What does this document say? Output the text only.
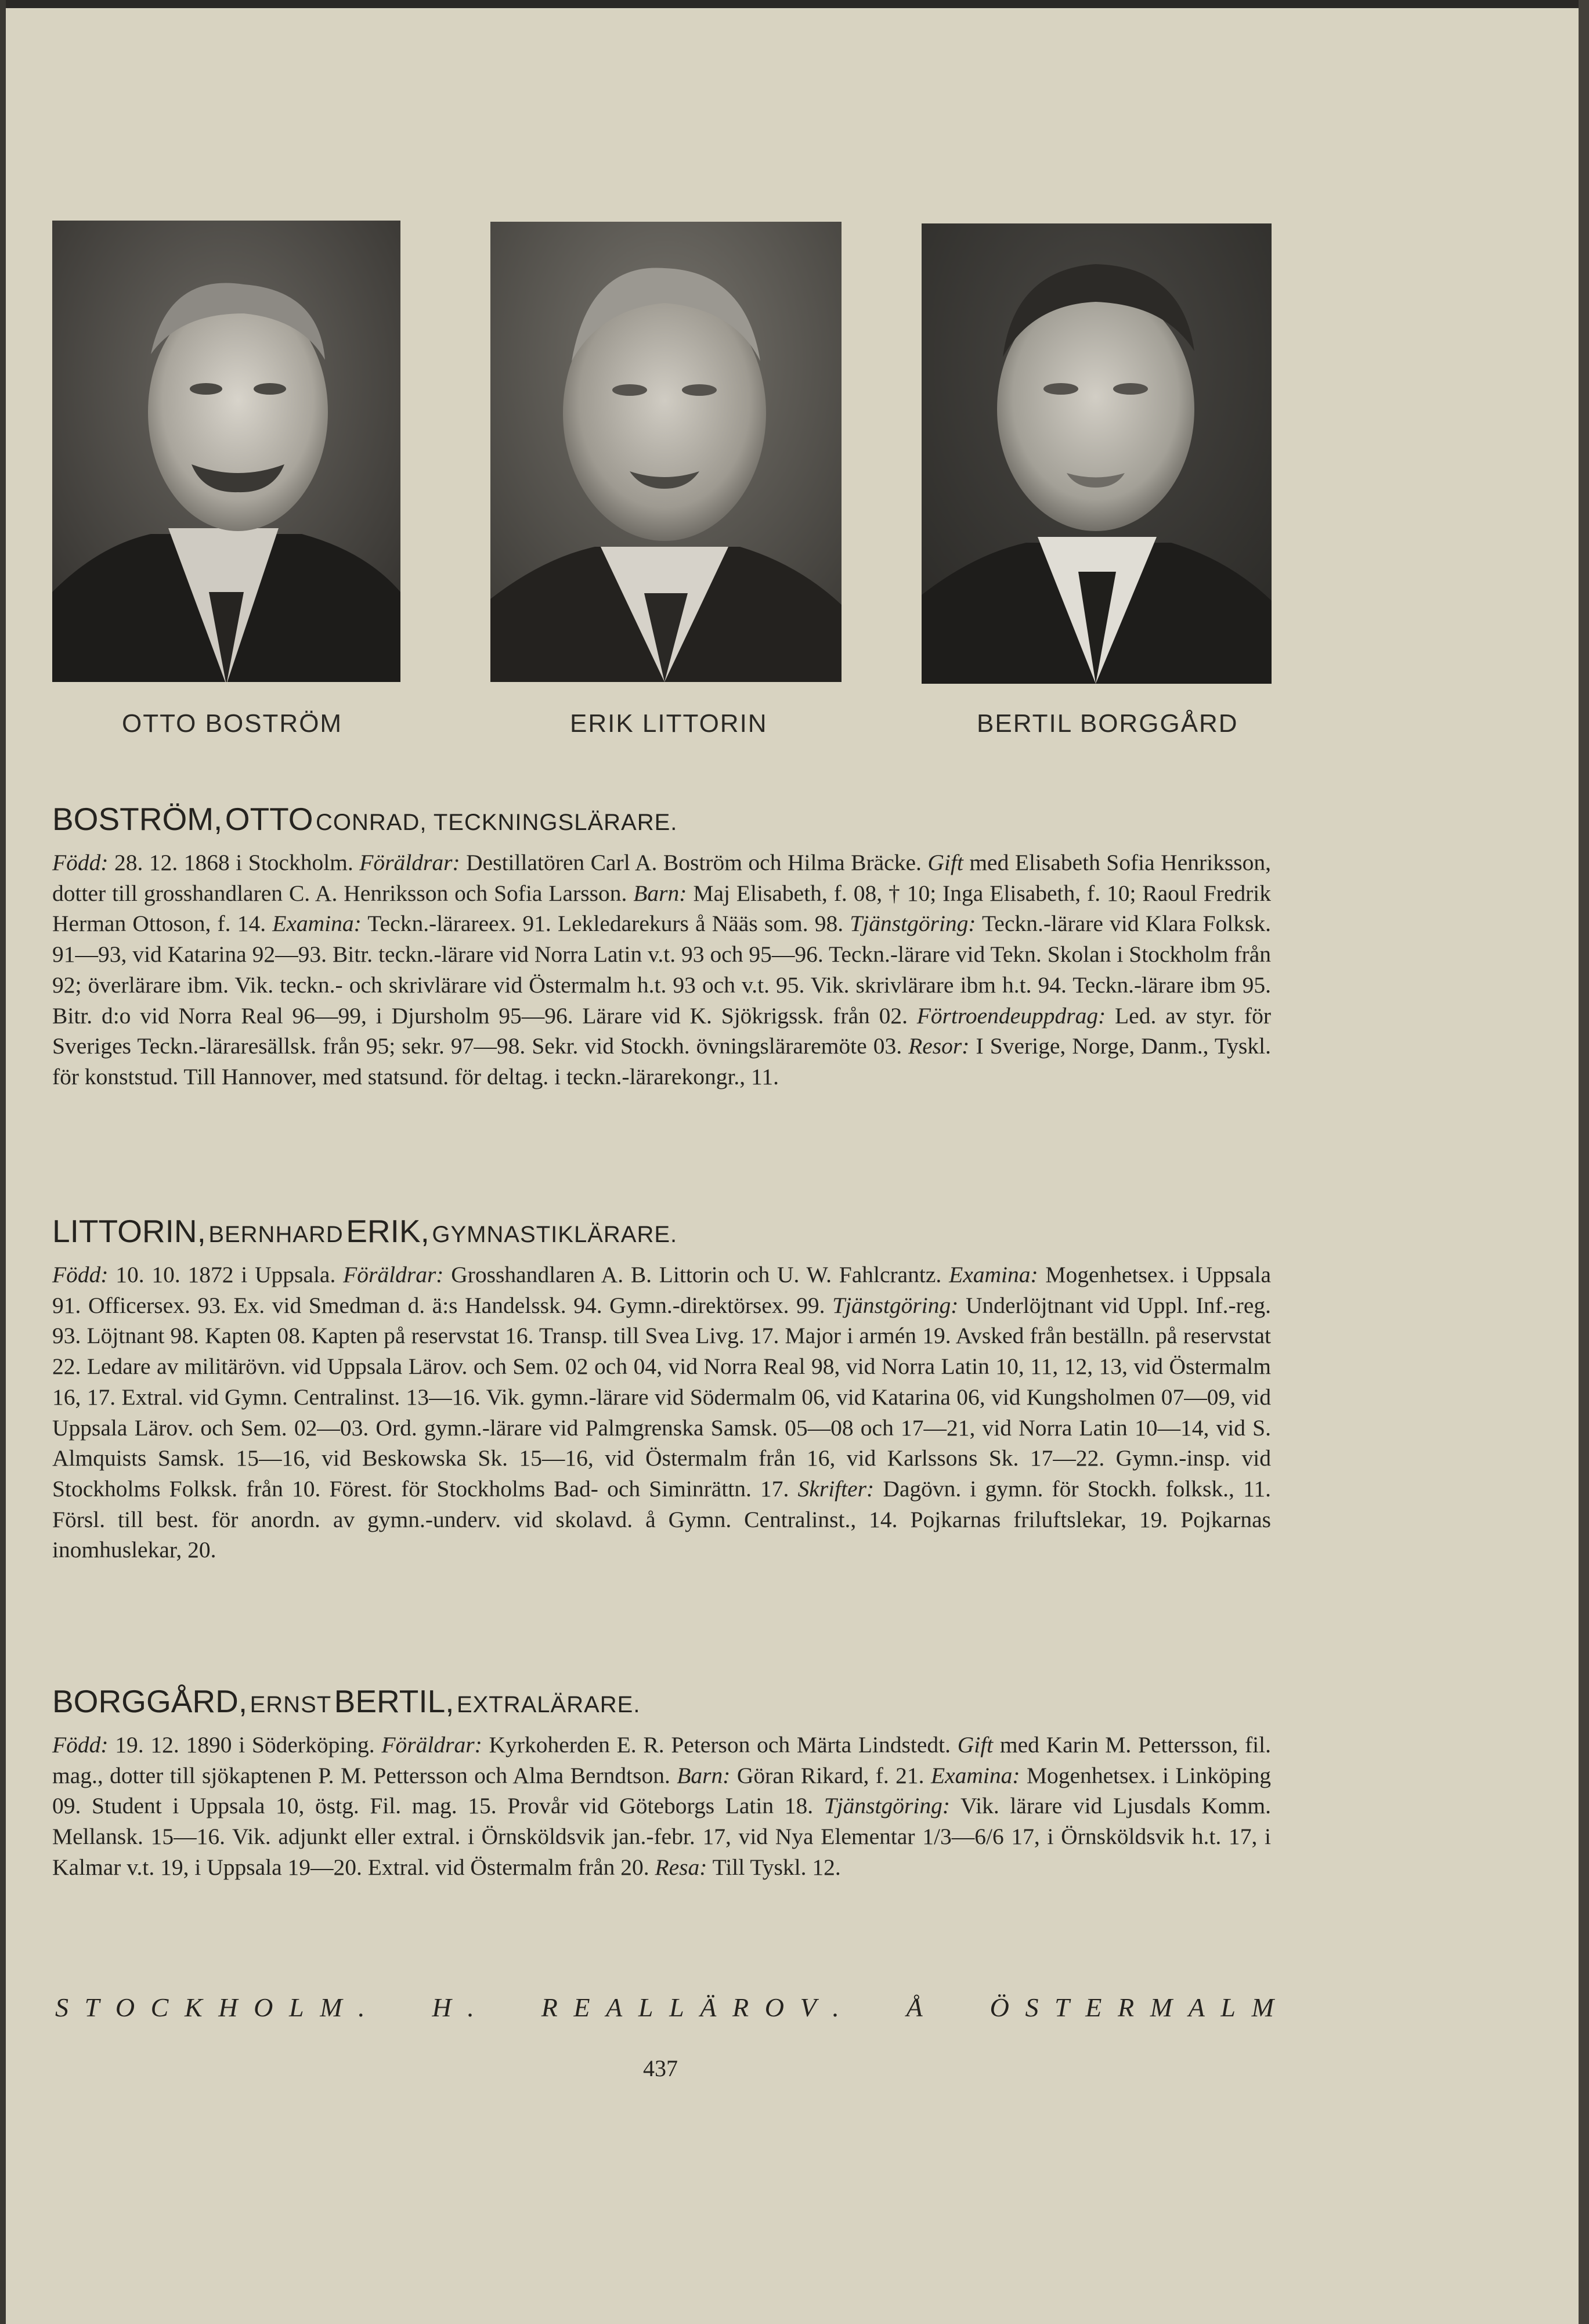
OTTO BOSTRÖM	ERIK LITTORIN	BERTIL BORGGÅRD
BOSTRÖM, OTTO CONRAD, TECKNINGSLÄRARE.
Född: 28. 12. 1868 i Stockholm. Föräldrar: Destillatören Carl A. Boström och Hilma Bräcke. Gift med Elisabeth Sofia Henriksson, dotter till grosshandlaren C. A. Henriksson och Sofia Larsson. Barn: Maj Elisabeth, f. 08, † 10; Inga Elisabeth, f. 10; Raoul Fredrik Herman Ottoson, f. 14. Examina: Teckn.-lärareex. 91. Lekledarekurs å Nääs som. 98. Tjänstgöring: Teckn.-lärare vid Klara Folksk. 91—93, vid Katarina 92—93. Bitr. teckn.-lärare vid Norra Latin v.t. 93 och 95—96. Teckn.-lärare vid Tekn. Skolan i Stockholm från 92; överlärare ibm. Vik. teckn.- och skrivlärare vid Östermalm h.t. 93 och v.t. 95. Vik. skrivlärare ibm h.t. 94. Teckn.-lärare ibm 95. Bitr. d:o vid Norra Real 96—99, i Djursholm 95—96. Lärare vid K. Sjökrigssk. från 02. Förtroendeuppdrag: Led. av styr. för Sveriges Teckn.-läraresällsk. från 95; sekr. 97—98. Sekr. vid Stockh. övningslärаremöte 03. Resor: I Sverige, Norge, Danm., Tyskl. för konststud. Till Hannover, med statsund. för deltag. i teckn.-lärarekongr., 11.
LITTORIN, BERNHARD ERIK, GYMNASTIKLÄRARE.
Född: 10. 10. 1872 i Uppsala. Föräldrar: Grosshandlaren A. B. Littorin och U. W. Fahlcrantz. Examina: Mogenhetsex. i Uppsala 91. Officersex. 93. Ex. vid Smedman d. ä:s Handelssk. 94. Gymn.-direktörsex. 99. Tjänstgöring: Underlöjtnant vid Uppl. Inf.-reg. 93. Löjtnant 98. Kapten 08. Kapten på reservstat 16. Transp. till Svea Livg. 17. Major i armén 19. Avsked från beställn. på reservstat 22. Ledare av militärövn. vid Uppsala Lärov. och Sem. 02 och 04, vid Norra Real 98, vid Norra Latin 10, 11, 12, 13, vid Östermalm 16, 17. Extral. vid Gymn. Centralinst. 13—16. Vik. gymn.-lärare vid Södermalm 06, vid Katarina 06, vid Kungsholmen 07—09, vid Uppsala Lärov. och Sem. 02—03. Ord. gymn.-lärare vid Palmgrenska Samsk. 05—08 och 17—21, vid Norra Latin 10—14, vid S. Almquists Samsk. 15—16, vid Beskowska Sk. 15—16, vid Östermalm från 16, vid Karlssons Sk. 17—22. Gymn.-insp. vid Stockholms Folksk. från 10. Förest. för Stockholms Bad- och Siminrättn. 17. Skrifter: Dagövn. i gymn. för Stockh. folksk., 11. Försl. till best. för anordn. av gymn.-underv. vid skolavd. å Gymn. Centralinst., 14. Pojkarnas friluftslekar, 19. Pojkarnas inomhuslekar, 20.
BORGGÅRD, ERNST BERTIL, EXTRALÄRARE.
Född: 19. 12. 1890 i Söderköping. Föräldrar: Kyrkoherden E. R. Peterson och Märta Lindstedt. Gift med Karin M. Pettersson, fil. mag., dotter till sjökaptenen P. M. Pettersson och Alma Berndtson. Barn: Göran Rikard, f. 21. Examina: Mogenhetsex. i Linköping 09. Student i Uppsala 10, östg. Fil. mag. 15. Provår vid Göteborgs Latin 18. Tjänstgöring: Vik. lärare vid Ljusdals Komm. Mellansk. 15—16. Vik. adjunkt eller extral. i Örnsköldsvik jan.-febr. 17, vid Nya Elementar 1/3—6/6 17, i Örnsköldsvik h.t. 17, i Kalmar v.t. 19, i Uppsala 19—20. Extral. vid Östermalm från 20. Resa: Till Tyskl. 12.
S   T   O   C   K   H   O   L   M   .	H   .	R   E   A   L   L   Ä   R   O   V   .	Å	Ö   S   T   E   R   M   A   L   M
437
